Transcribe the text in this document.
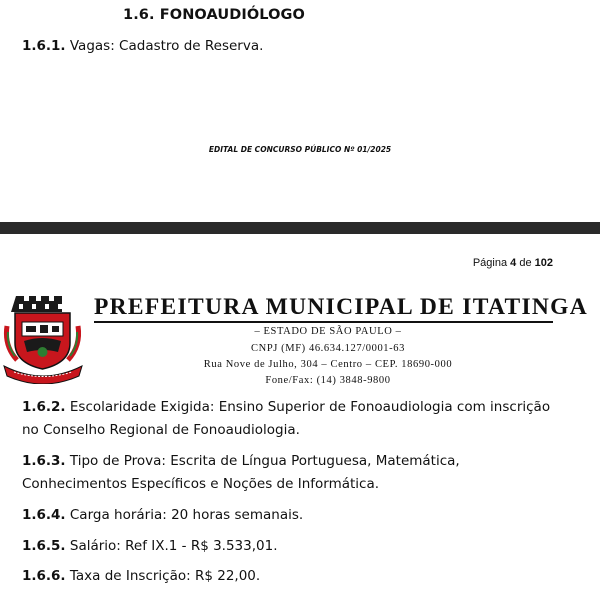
1.6. FONOAUDIÓLOGO
1.6.1. Vagas: Cadastro de Reserva.
EDITAL DE CONCURSO PÚBLICO Nº 01/2025
Página 4 de 102
PREFEITURA MUNICIPAL DE ITATINGA
– ESTADO DE SÃO PAULO –
CNPJ (MF) 46.634.127/0001-63
Rua Nove de Julho, 304 – Centro – CEP. 18690-000
Fone/Fax: (14) 3848-9800
1.6.2. Escolaridade Exigida: Ensino Superior de Fonoaudiologia com inscrição no Conselho Regional de Fonoaudiologia.
1.6.3. Tipo de Prova: Escrita de Língua Portuguesa, Matemática, Conhecimentos Específicos e Noções de Informática.
1.6.4. Carga horária: 20 horas semanais.
1.6.5. Salário: Ref IX.1 - R$ 3.533,01.
1.6.6. Taxa de Inscrição: R$ 22,00.
